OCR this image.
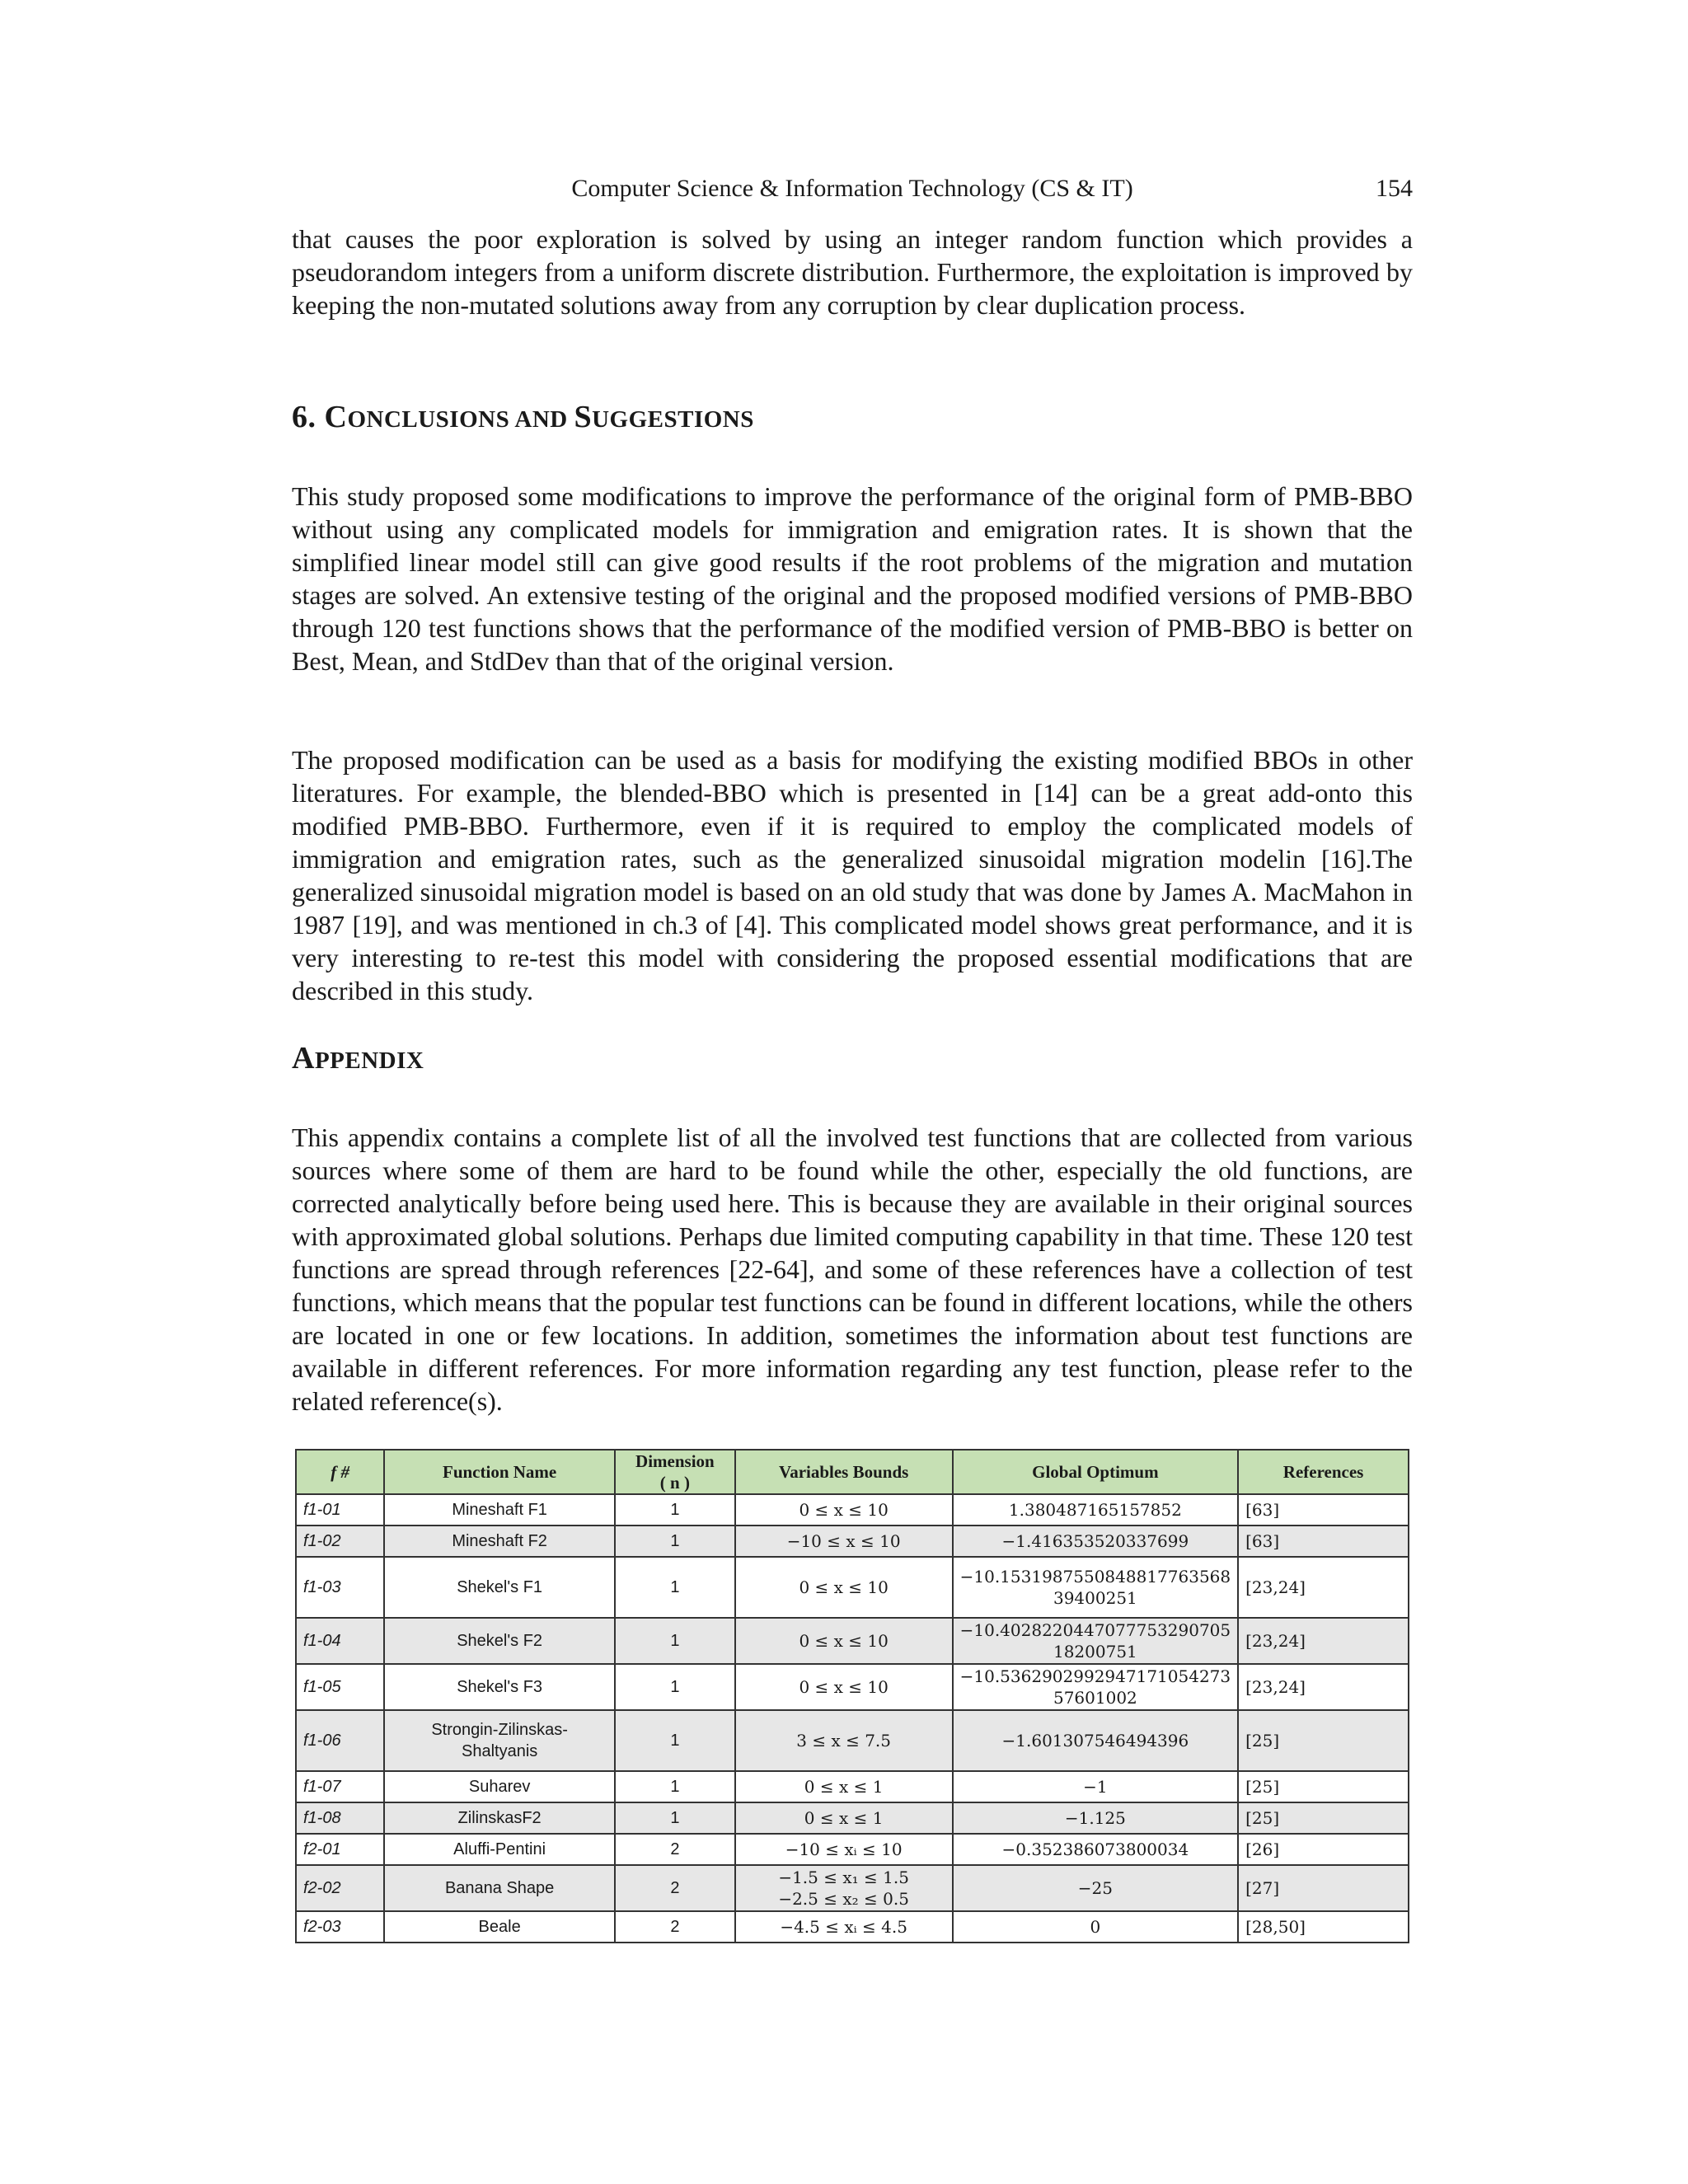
Computer Science & Information Technology (CS & IT)	154

that causes the poor exploration is solved by using an integer random function which provides a pseudorandom integers from a uniform discrete distribution. Furthermore, the exploitation is improved by keeping the non-mutated solutions away from any corruption by clear duplication process.

6. CONCLUSIONS AND SUGGESTIONS

This study proposed some modifications to improve the performance of the original form of PMB-BBO without using any complicated models for immigration and emigration rates. It is shown that the simplified linear model still can give good results if the root problems of the migration and mutation stages are solved. An extensive testing of the original and the proposed modified versions of PMB-BBO through 120 test functions shows that the performance of the modified version of PMB-BBO is better on Best, Mean, and StdDev than that of the original version.

The proposed modification can be used as a basis for modifying the existing modified BBOs in other literatures. For example, the blended-BBO which is presented in [14] can be a great add-onto this modified PMB-BBO. Furthermore, even if it is required to employ the complicated models of immigration and emigration rates, such as the generalized sinusoidal migration modelin [16].The generalized sinusoidal migration model is based on an old study that was done by James A. MacMahon in 1987 [19], and was mentioned in ch.3 of [4]. This complicated model shows great performance, and it is very interesting to re-test this model with considering the proposed essential modifications that are described in this study.

APPENDIX

This appendix contains a complete list of all the involved test functions that are collected from various sources where some of them are hard to be found while the other, especially the old functions, are corrected analytically before being used here. This is because they are available in their original sources with approximated global solutions. Perhaps due limited computing capability in that time. These 120 test functions are spread through references [22-64], and some of these references have a collection of test functions, which means that the popular test functions can be found in different locations, while the others are located in one or few locations. In addition, sometimes the information about test functions are available in different references. For more information regarding any test function, please refer to the related reference(s).

f #	Function Name	Dimension
( n )	Variables Bounds	Global Optimum	References

f1-01	Mineshaft F1	1	0 ≤ x ≤ 10	1.380487165157852	[63]

f1-02	Mineshaft F2	1	−10 ≤ x ≤ 10	−1.416353520337699	[63]

f1-03	Shekel's F1	1	0 ≤ x ≤ 10	−10.1531987550848817763568
39400251	[23,24]

f1-04	Shekel's F2	1	0 ≤ x ≤ 10	−10.4028220447077753290705
18200751	[23,24]

f1-05	Shekel's F3	1	0 ≤ x ≤ 10	−10.5362902992947171054273
57601002	[23,24]

f1-06	Strongin-Zilinskas-
Shaltyanis	1	3 ≤ x ≤ 7.5	−1.601307546494396	[25]

f1-07	Suharev	1	0 ≤ x ≤ 1	−1	[25]

f1-08	ZilinskasF2	1	0 ≤ x ≤ 1	−1.125	[25]

f2-01	Aluffi-Pentini	2	−10 ≤ xᵢ ≤ 10	−0.352386073800034	[26]

f2-02	Banana Shape	2	−1.5 ≤ x₁ ≤ 1.5
−2.5 ≤ x₂ ≤ 0.5	−25	[27]

f2-03	Beale	2	−4.5 ≤ xᵢ ≤ 4.5	0	[28,50]
